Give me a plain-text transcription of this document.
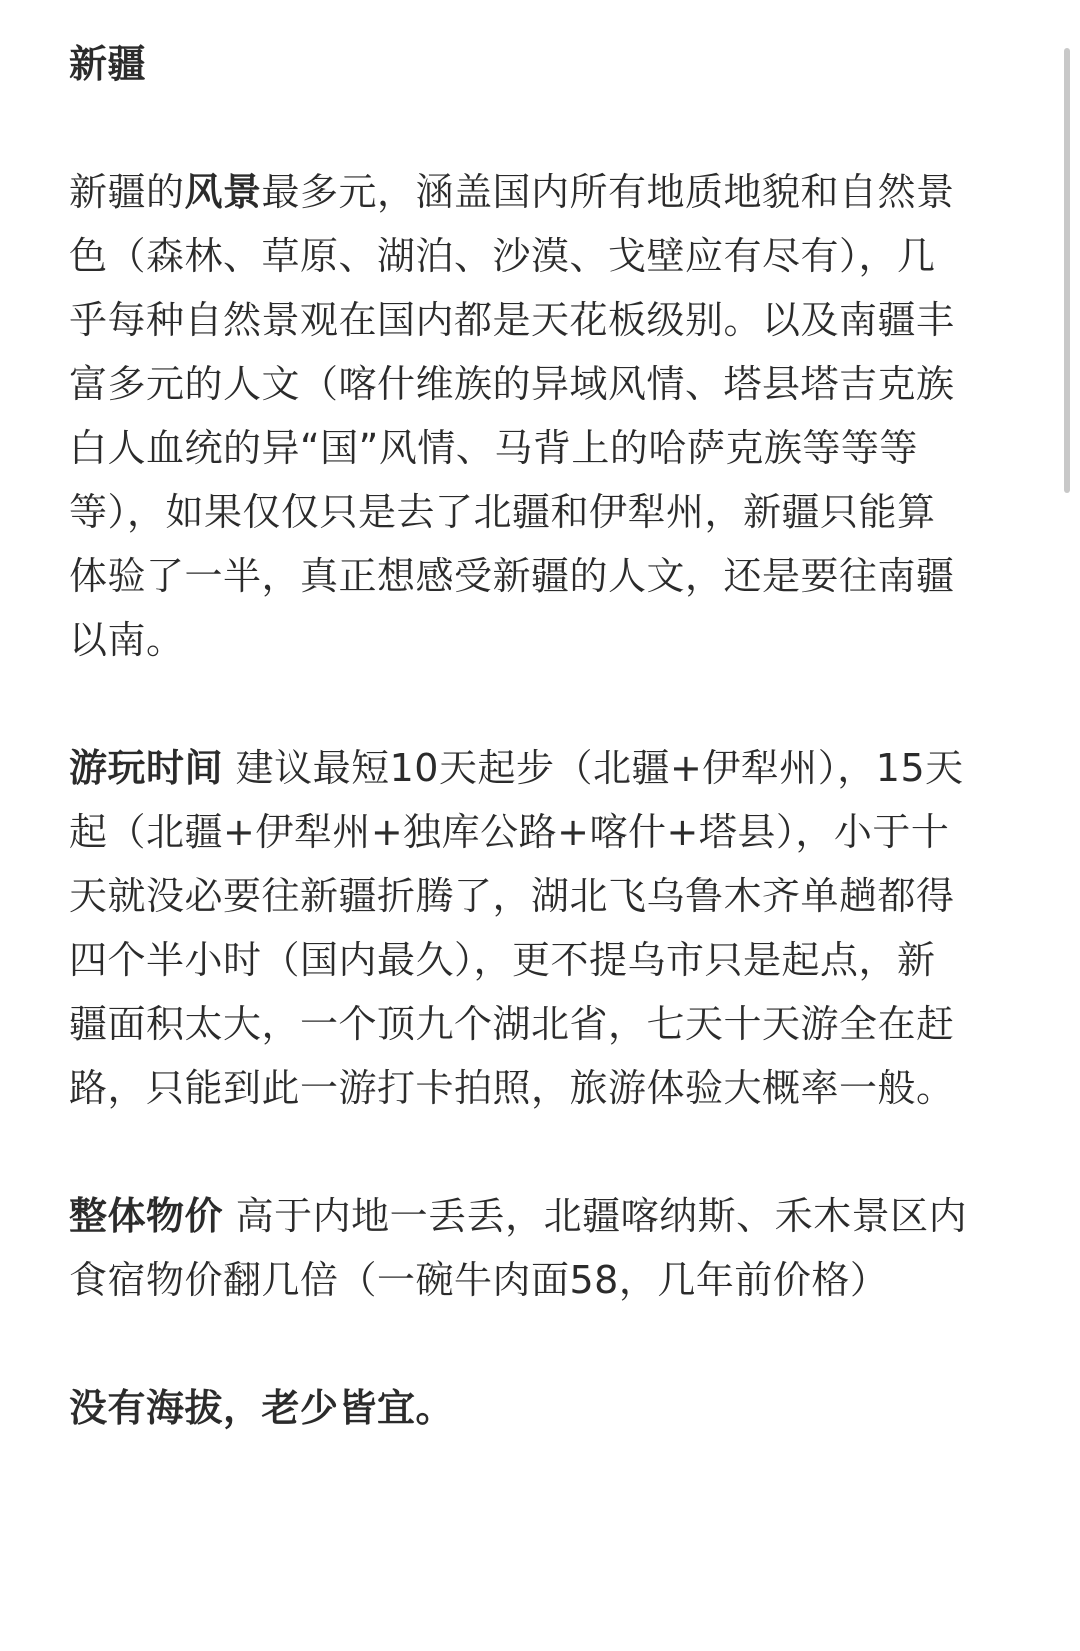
新疆
新疆的风景最多元，涵盖国内所有地质地貌和自然景色（森林、草原、湖泊、沙漠、戈壁应有尽有），几乎每种自然景观在国内都是天花板级别。以及南疆丰富多元的人文（喀什维族的异域风情、塔县塔吉克族白人血统的异“国”风情、马背上的哈萨克族等等等等），如果仅仅只是去了北疆和伊犁州，新疆只能算体验了一半，真正想感受新疆的人文，还是要往南疆以南。
游玩时间 建议最短10天起步（北疆+伊犁州），15天起（北疆+伊犁州+独库公路+喀什+塔县），小于十天就没必要往新疆折腾了，湖北飞乌鲁木齐单趟都得四个半小时（国内最久），更不提乌市只是起点，新疆面积太大，一个顶九个湖北省，七天十天游全在赶路，只能到此一游打卡拍照，旅游体验大概率一般。
整体物价 高于内地一丢丢，北疆喀纳斯、禾木景区内食宿物价翻几倍（一碗牛肉面58，几年前价格）
没有海拔，老少皆宜。
